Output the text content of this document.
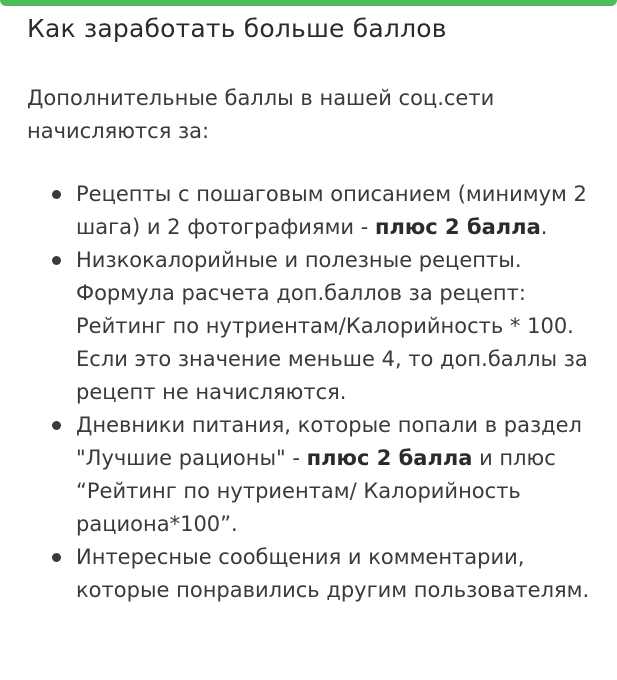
Как заработать больше баллов

Дополнительные баллы в нашей соц.сети начисляются за:

Рецепты с пошаговым описанием (минимум 2 шага) и 2 фотографиями - плюс 2 балла.
Низкокалорийные и полезные рецепты. Формула расчета доп.баллов за рецепт: Рейтинг по нутриентам/Калорийность * 100. Если это значение меньше 4, то доп.баллы за рецепт не начисляются.
Дневники питания, которые попали в раздел "Лучшие рационы" - плюс 2 балла и плюс “Рейтинг по нутриентам/ Калорийность рациона*100”.
Интересные сообщения и комментарии, которые понравились другим пользователям.
